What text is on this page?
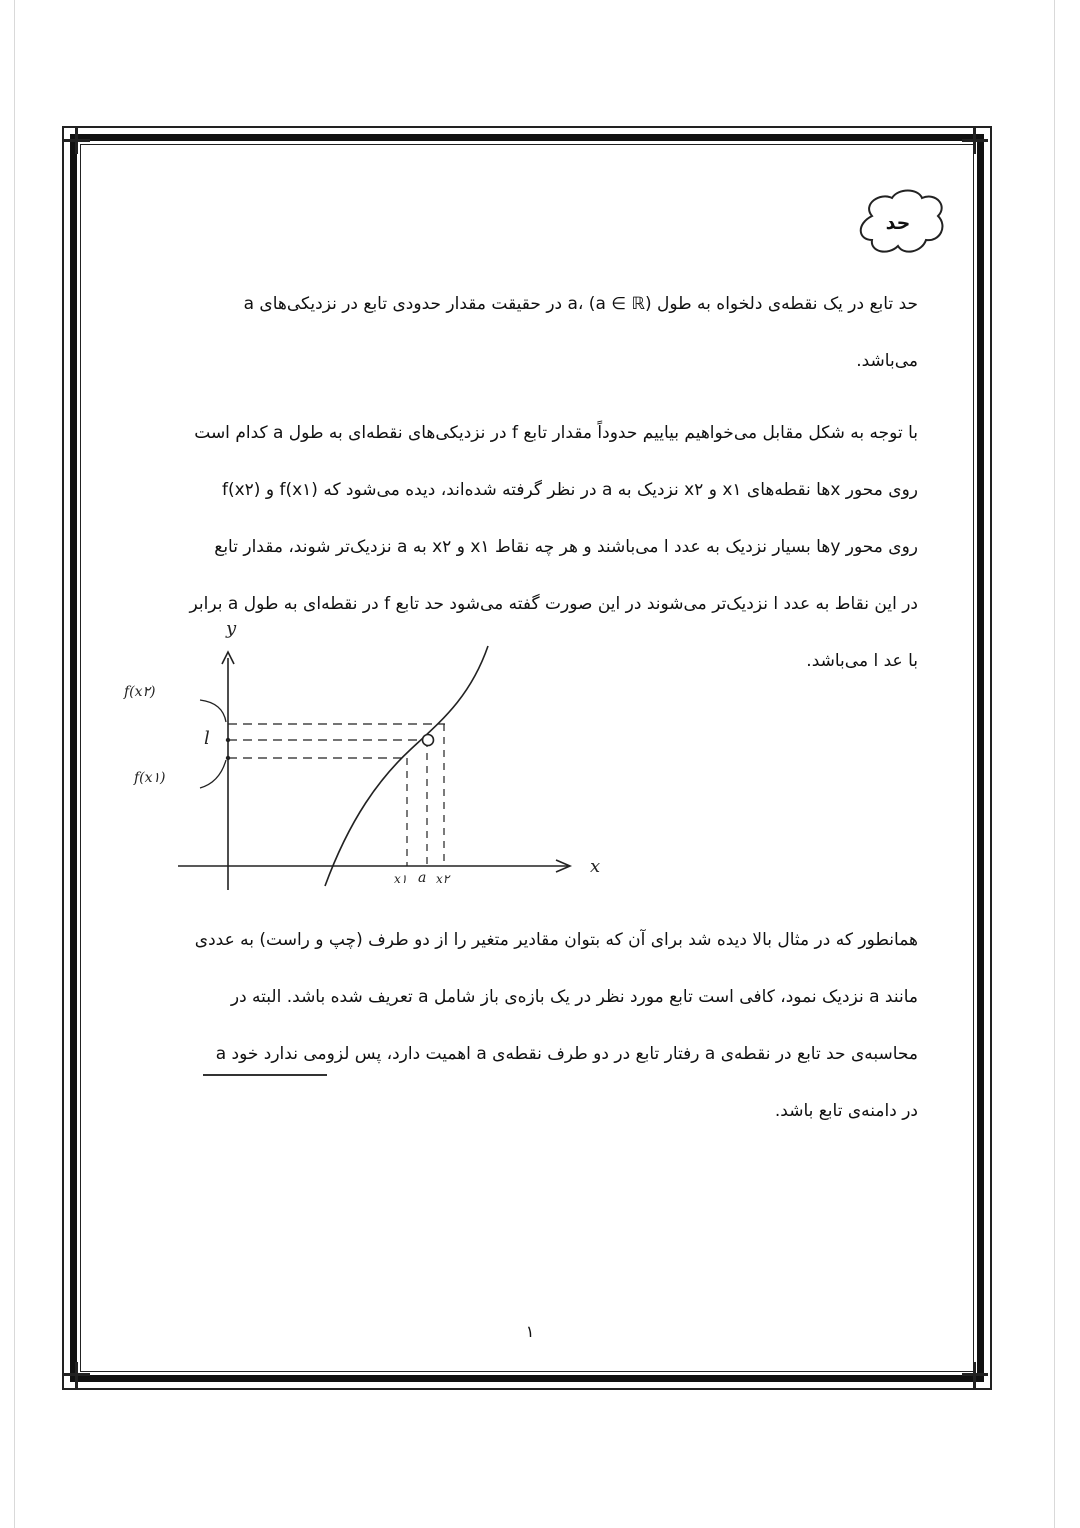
حد
حد تابع در یک نقطه‌ی دلخواه به طول a، (a ∈ ℝ) در حقیقت مقدار حدودی تابع در نزدیکی‌های a
می‌باشد.
با توجه به شکل مقابل می‌خواهیم بیاییم حدوداً مقدار تابع f در نزدیکی‌های نقطه‌ای به طول a کدام است
روی محور xها نقطه‌های x۱ و x۲ نزدیک به a در نظر گرفته شده‌اند، دیده می‌شود که f(x۱) و f(x۲)
روی محور yها بسیار نزدیک به عدد l می‌باشند و هر چه نقاط x۱ و x۲ به a نزدیک‌تر شوند، مقدار تابع
در این نقاط به عدد l نزدیک‌تر می‌شوند در این صورت گفته می‌شود حد تابع f در نقطه‌ای به طول a برابر
با عد l می‌باشد.
y
x
f(x۲)
l
f(x۱)
x۱ a x۲
همانطور که در مثال بالا دیده شد برای آن که بتوان مقادیر متغیر را از دو طرف (چپ و راست) به عددی
مانند a نزدیک نمود، کافی است تابع مورد نظر در یک بازه‌ی باز شامل a تعریف شده باشد. البته در
محاسبه‌ی حد تابع در نقطه‌ی a رفتار تابع در دو طرف نقطه‌ی a اهمیت دارد، پس لزومی ندارد خود a
در دامنه‌ی تابع باشد.
۱
